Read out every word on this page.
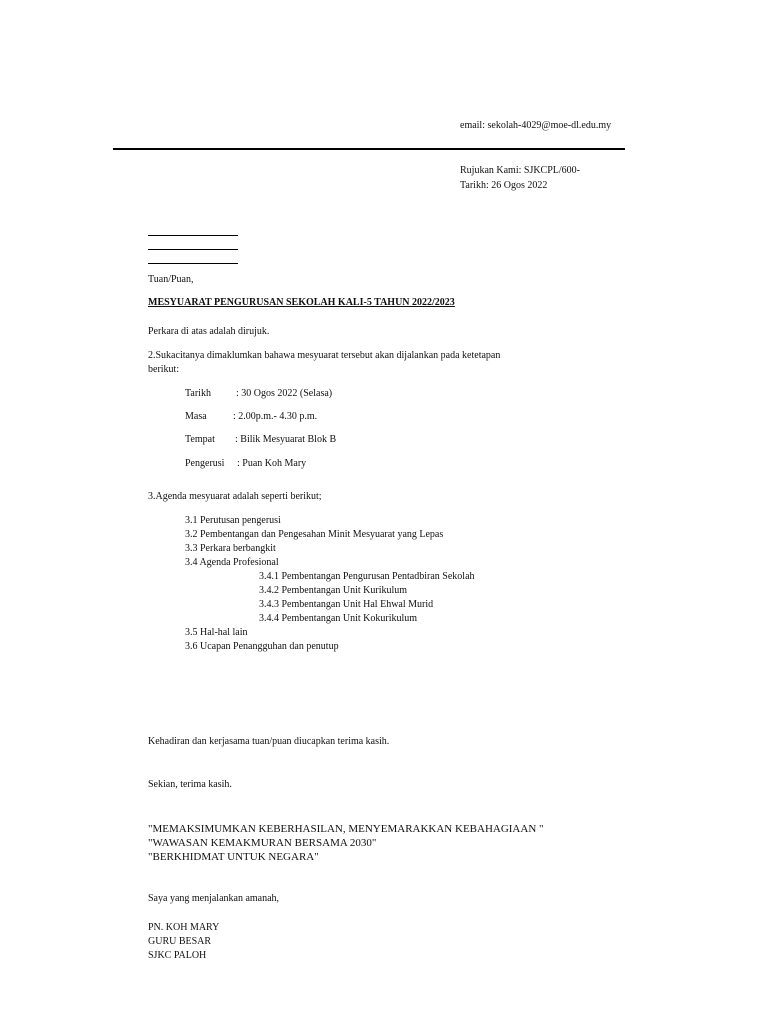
email: sekolah-4029@moe-dl.edu.my
Rujukan Kami: SJKCPL/600-
Tarikh: 26 Ogos 2022
Tuan/Puan,
MESYUARAT PENGURUSAN SEKOLAH KALI-5 TAHUN 2022/2023
Perkara di atas adalah dirujuk.
2.Sukacitanya dimaklumkan bahawa mesyuarat tersebut akan dijalankan pada ketetapan
berikut:
Tarikh	: 30 Ogos 2022 (Selasa)
Masa	: 2.00p.m.- 4.30 p.m.
Tempat : Bilik Mesyuarat Blok B
Pengerusi : Puan Koh Mary
3.Agenda mesyuarat adalah seperti berikut;
3.1 Perutusan pengerusi
3.2 Pembentangan dan Pengesahan Minit Mesyuarat yang Lepas
3.3 Perkara berbangkit
3.4 Agenda Profesional
3.4.1 Pembentangan Pengurusan Pentadbiran Sekolah
3.4.2 Pembentangan Unit Kurikulum
3.4.3 Pembentangan Unit Hal Ehwal Murid
3.4.4 Pembentangan Unit Kokurikulum
3.5 Hal-hal lain
3.6 Ucapan Penangguhan dan penutup
Kehadiran dan kerjasama tuan/puan diucapkan terima kasih.
Sekian, terima kasih.
"MEMAKSIMUMKAN KEBERHASILAN, MENYEMARAKKAN KEBAHAGIAAN "
"WAWASAN KEMAKMURAN BERSAMA 2030"
"BERKHIDMAT UNTUK NEGARA"
Saya yang menjalankan amanah,
PN. KOH MARY
GURU BESAR
SJKC PALOH
